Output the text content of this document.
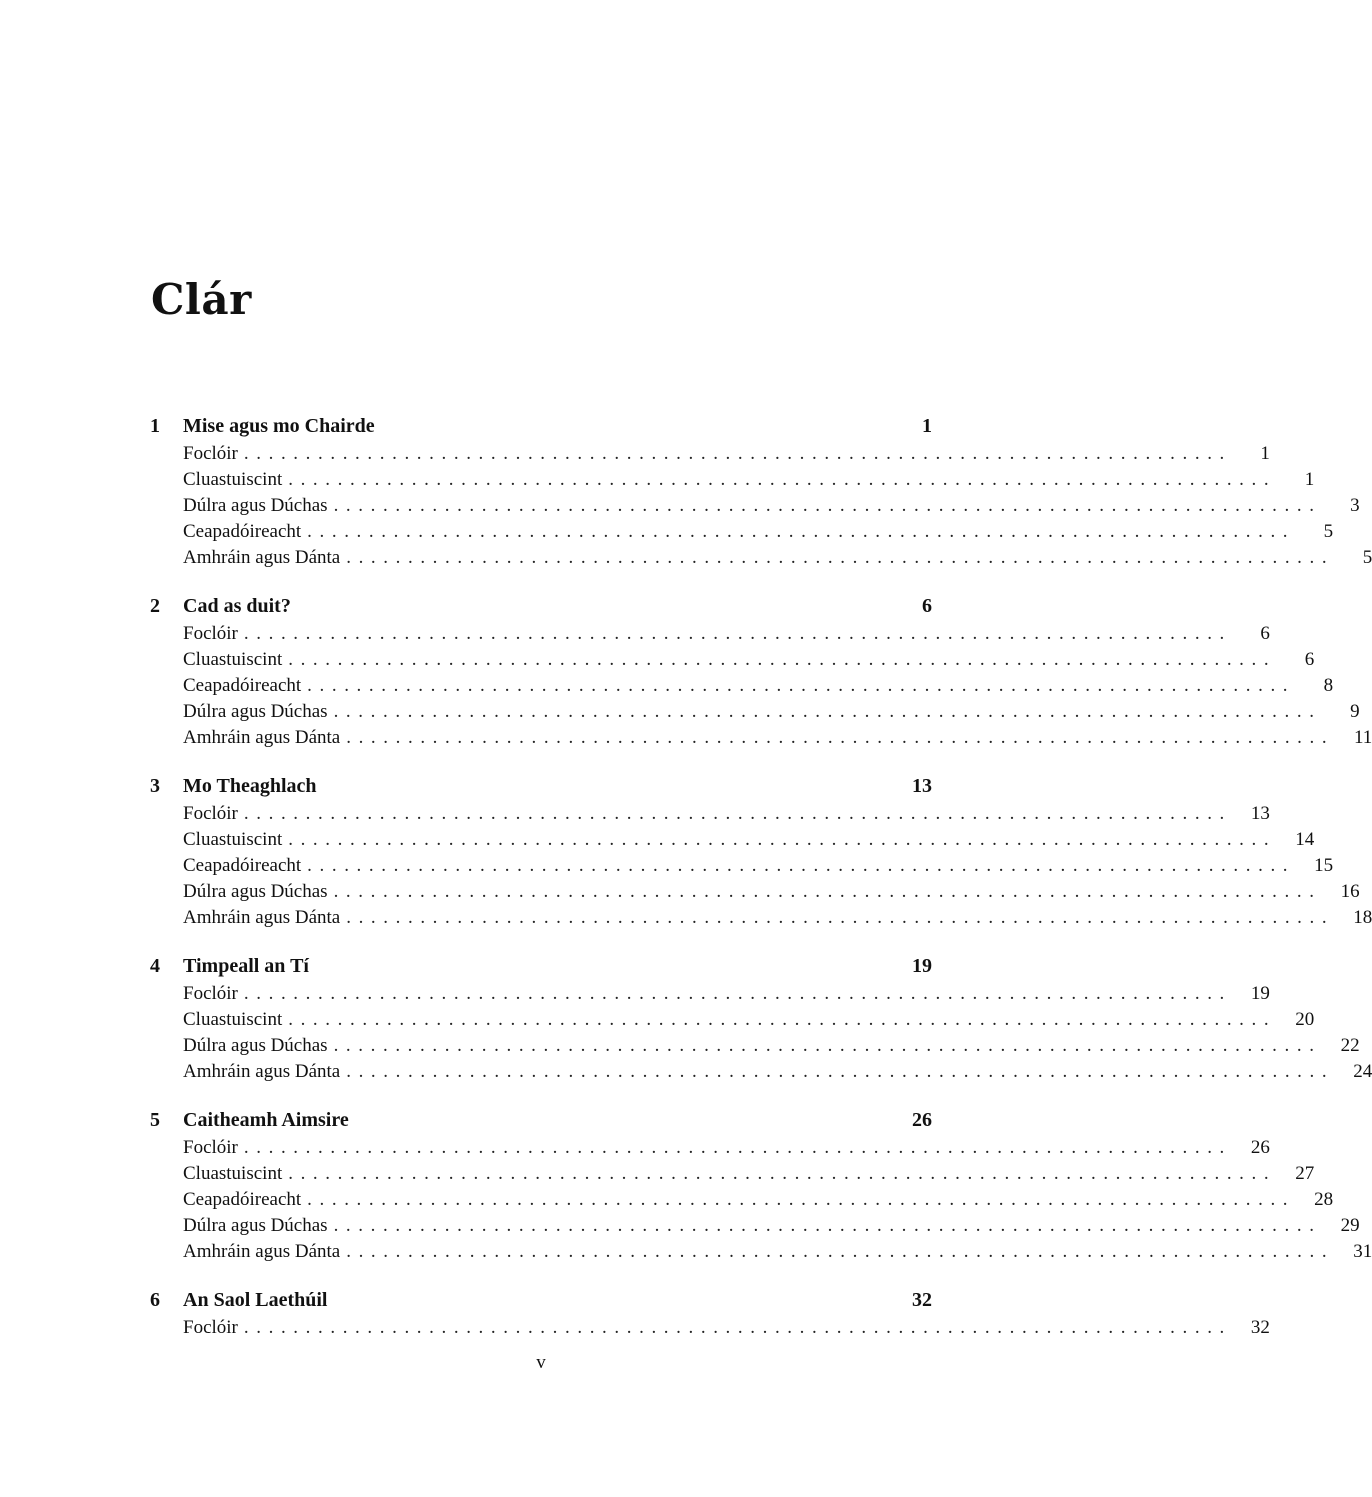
Clár
1	Mise agus mo Chairde	1
Foclóir ................................................................................	1
Cluastuiscint ................................................................................	1
Dúlra agus Dúchas ................................................................................	3
Ceapadóireacht ................................................................................	5
Amhráin agus Dánta ................................................................................	5
2	Cad as duit?	6
Foclóir ................................................................................	6
Cluastuiscint ................................................................................	6
Ceapadóireacht ................................................................................	8
Dúlra agus Dúchas ................................................................................	9
Amhráin agus Dánta ................................................................................	11
3	Mo Theaghlach	13
Foclóir ................................................................................ 13
Cluastuiscint ................................................................................ 14
Ceapadóireacht ................................................................................ 15
Dúlra agus Dúchas ................................................................................ 16
Amhráin agus Dánta ................................................................................ 18
4	Timpeall an Tí	19
Foclóir ................................................................................ 19
Cluastuiscint ................................................................................ 20
Dúlra agus Dúchas ................................................................................ 22
Amhráin agus Dánta ................................................................................ 24
5	Caitheamh Aimsire	26
Foclóir ................................................................................ 26
Cluastuiscint ................................................................................ 27
Ceapadóireacht ................................................................................ 28
Dúlra agus Dúchas ................................................................................ 29
Amhráin agus Dánta ................................................................................ 31
6	An Saol Laethúil	32
Foclóir ................................................................................ 32
v
